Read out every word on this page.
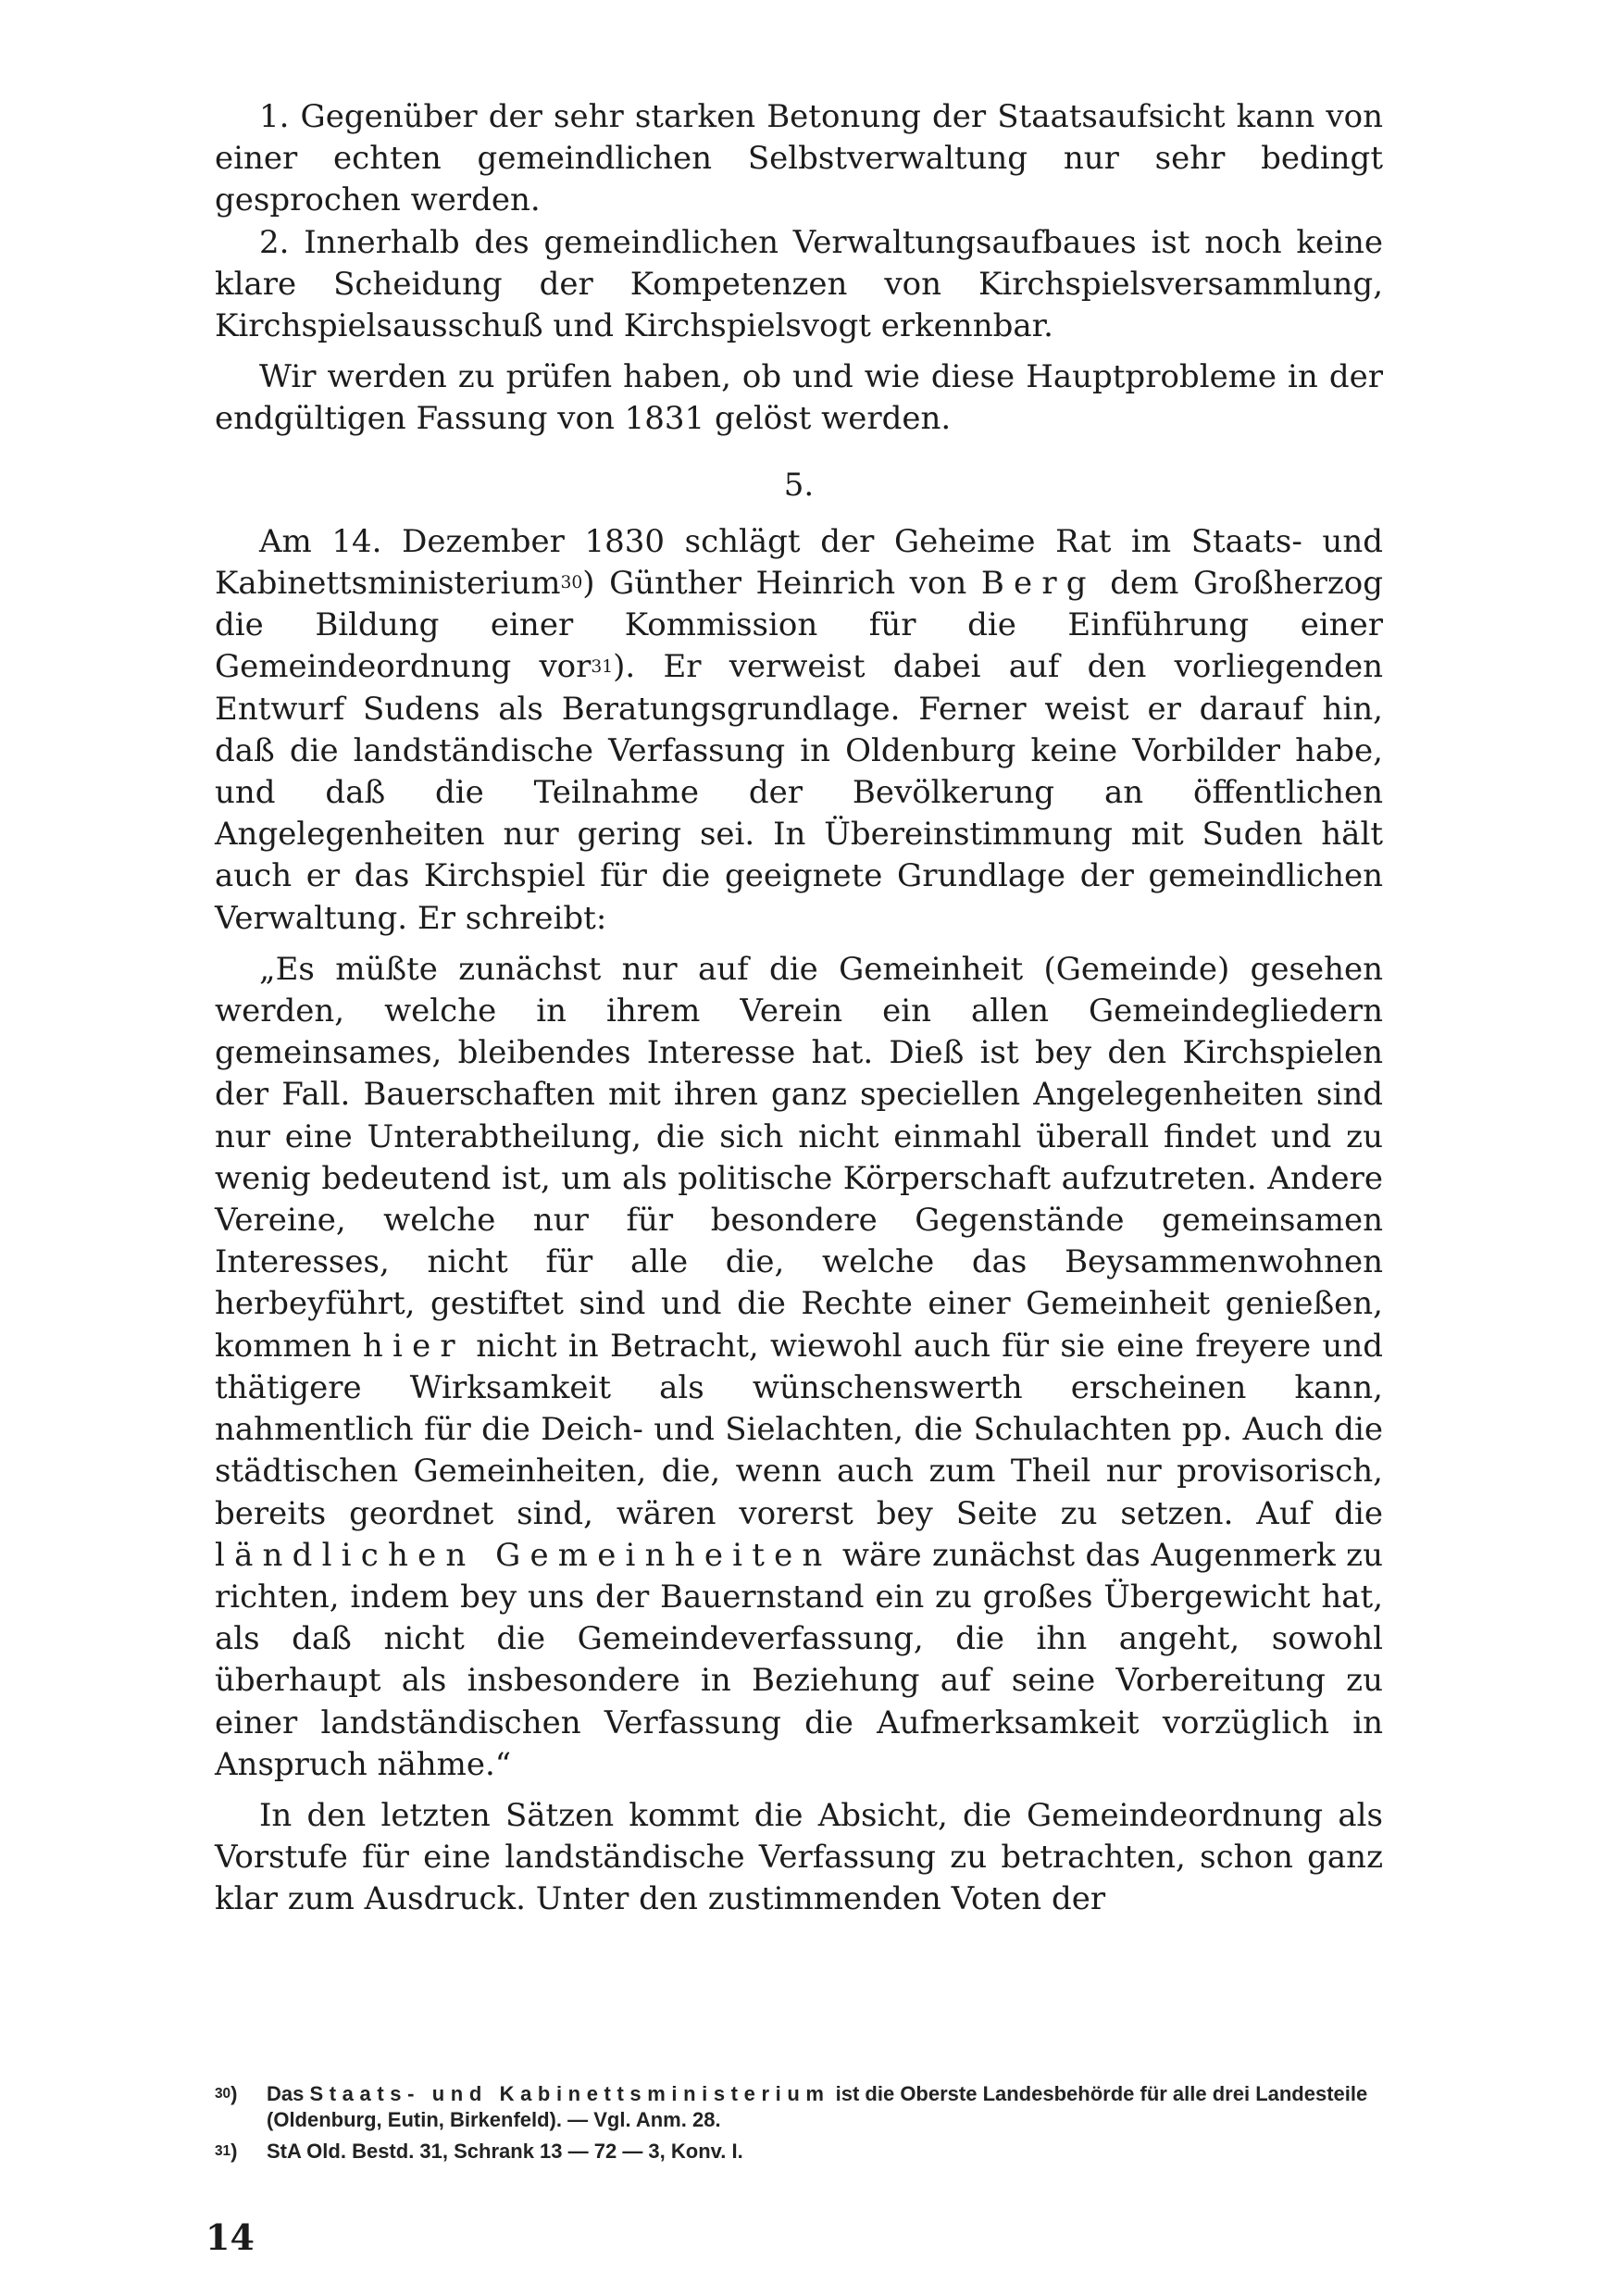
1. Gegenüber der sehr starken Betonung der Staatsaufsicht kann von einer echten gemeindlichen Selbstverwaltung nur sehr bedingt gesprochen werden.

2. Innerhalb des gemeindlichen Verwaltungsaufbaues ist noch keine klare Scheidung der Kompetenzen von Kirchspielsversammlung, Kirchspielsausschuß und Kirchspielsvogt erkennbar.

Wir werden zu prüfen haben, ob und wie diese Hauptprobleme in der endgültigen Fassung von 1831 gelöst werden.

5.

Am 14. Dezember 1830 schlägt der Geheime Rat im Staats- und Kabinettsministerium$^{30}$) Günther Heinrich von Berg dem Großherzog die Bildung einer Kommission für die Einführung einer Gemeindeordnung vor$^{31}$). Er verweist dabei auf den vorliegenden Entwurf Sudens als Beratungsgrundlage. Ferner weist er darauf hin, daß die landständische Verfassung in Oldenburg keine Vorbilder habe, und daß die Teilnahme der Bevölkerung an öffentlichen Angelegenheiten nur gering sei. In Übereinstimmung mit Suden hält auch er das Kirchspiel für die geeignete Grundlage der gemeindlichen Verwaltung. Er schreibt:

„Es müßte zunächst nur auf die Gemeinheit (Gemeinde) gesehen werden, welche in ihrem Verein ein allen Gemeindegliedern gemeinsames, bleibendes Interesse hat. Dieß ist bey den Kirchspielen der Fall. Bauerschaften mit ihren ganz speciellen Angelegenheiten sind nur eine Unterabtheilung, die sich nicht einmahl überall findet und zu wenig bedeutend ist, um als politische Körperschaft aufzutreten. Andere Vereine, welche nur für besondere Gegenstände gemeinsamen Interesses, nicht für alle die, welche das Beysammenwohnen herbeyführt, gestiftet sind und die Rechte einer Gemeinheit genießen, kommen hier nicht in Betracht, wiewohl auch für sie eine freyere und thätigere Wirksamkeit als wünschenswerth erscheinen kann, nahmentlich für die Deich- und Sielachten, die Schulachten pp. Auch die städtischen Gemeinheiten, die, wenn auch zum Theil nur provisorisch, bereits geordnet sind, wären vorerst bey Seite zu setzen. Auf die ländlichen Gemeinheiten wäre zunächst das Augenmerk zu richten, indem bey uns der Bauernstand ein zu großes Übergewicht hat, als daß nicht die Gemeindeverfassung, die ihn angeht, sowohl überhaupt als insbesondere in Beziehung auf seine Vorbereitung zu einer landständischen Verfassung die Aufmerksamkeit vorzüglich in Anspruch nähme.“

In den letzten Sätzen kommt die Absicht, die Gemeindeordnung als Vorstufe für eine landständische Verfassung zu betrachten, schon ganz klar zum Ausdruck. Unter den zustimmenden Voten der

$^{30}$) Das Staats- und Kabinettsministerium ist die Oberste Landesbehörde für alle drei Landesteile (Oldenburg, Eutin, Birkenfeld). — Vgl. Anm. 28.
$^{31}$) StA Old. Bestd. 31, Schrank 13 — 72 — 3, Konv. I.
14
